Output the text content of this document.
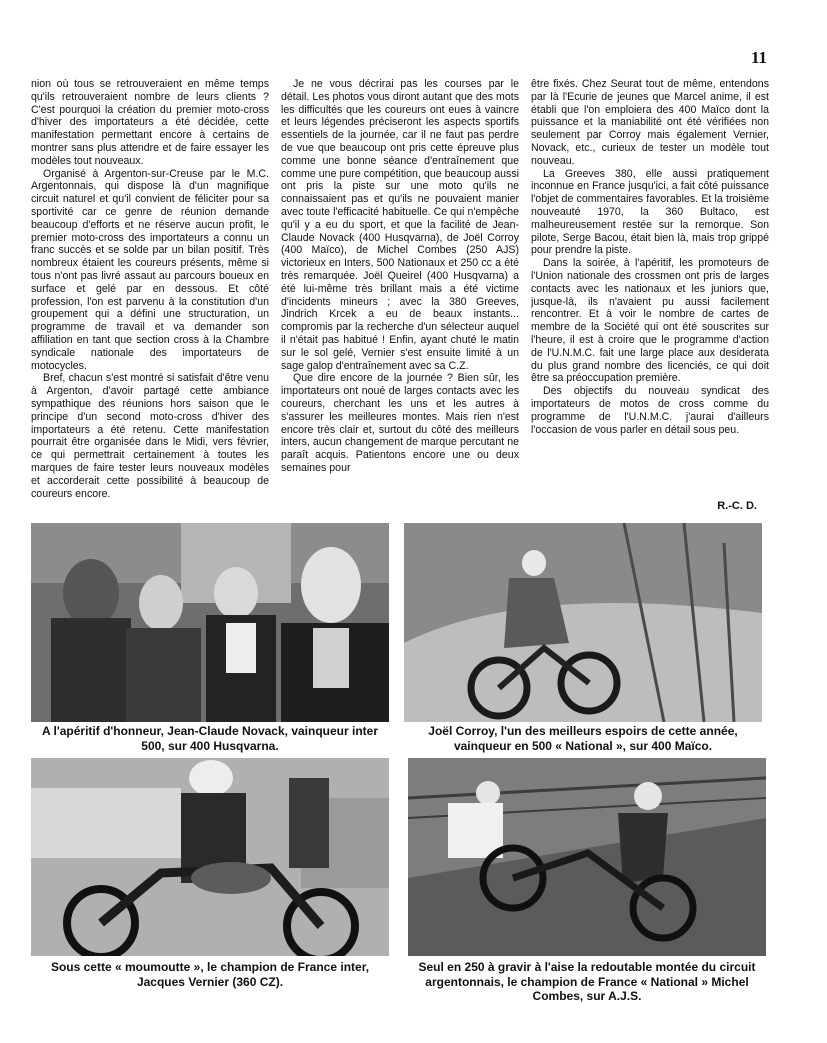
11

nion où tous se retrouveraient en même temps qu'ils retrouveraient nombre de leurs clients ? C'est pourquoi la création du premier moto-cross d'hiver des importateurs a été décidée, cette manifestation permettant encore à certains de montrer sans plus attendre et de faire essayer les modèles tout nouveaux.

Organisé à Argenton-sur-Creuse par le M.C. Argentonnais, qui dispose là d'un magnifique circuit naturel et qu'il convient de féliciter pour sa sportivité car ce genre de réunion demande beaucoup d'efforts et ne réserve aucun profit, le premier moto-cross des importateurs a connu un franc succès et se solde par un bilan positif. Très nombreux étaient les coureurs présents, même si tous n'ont pas livré assaut au parcours boueux en surface et gelé par en dessous. Et côté profession, l'on est parvenu à la constitution d'un groupement qui a défini une structuration, un programme de travail et va demander son affiliation en tant que section cross à la Chambre syndicale nationale des importateurs de motocycles.

Bref, chacun s'est montré si satisfait d'être venu à Argenton, d'avoir partagé cette ambiance sympathique des réunions hors saison que le principe d'un second moto-cross d'hiver des importateurs a été retenu. Cette manifestation pourrait être organisée dans le Midi, vers février, ce qui permettrait certainement à toutes les marques de faire tester leurs nouveaux modèles et accorderait cette possibilité à beaucoup de coureurs encore.

Je ne vous décrirai pas les courses par le détail. Les photos vous diront autant que des mots les difficultés que les coureurs ont eues à vaincre et leurs légendes préciseront les aspects sportifs essentiels de la journée, car il ne faut pas perdre de vue que beaucoup ont pris cette épreuve plus comme une bonne séance d'entraînement que comme une pure compétition, que beaucoup aussi ont pris la piste sur une moto qu'ils ne connaissaient pas et qu'ils ne pouvaient manier avec toute l'efficacité habituelle. Ce qui n'empêche qu'il y a eu du sport, et que la facilité de Jean-Claude Novack (400 Husqvarna), de Joël Corroy (400 Maïco), de Michel Combes (250 AJS) victorieux en Inters, 500 Nationaux et 250 cc a été très remarquée. Joël Queirel (400 Husqvarna) a été lui-même très brillant mais a été victime d'incidents mineurs ; avec la 380 Greeves, Jindrich Krcek a eu de beaux instants... compromis par la recherche d'un sélecteur auquel il n'était pas habitué ! Enfin, ayant chuté le matin sur le sol gelé, Vernier s'est ensuite limité à un sage galop d'entraînement avec sa C.Z.

Que dire encore de la journée ? Bien sûr, les importateurs ont noué de larges contacts avec les coureurs, cherchant les uns et les autres à s'assurer les meilleures montes. Mais rien n'est encore très clair et, surtout du côté des meilleurs inters, aucun changement de marque percutant ne paraît acquis. Patientons encore une ou deux semaines pour

être fixés. Chez Seurat tout de même, entendons par là l'Ecurie de jeunes que Marcel anime, il est établi que l'on emploiera des 400 Maïco dont la puissance et la maniabilité ont été vérifiées non seulement par Corroy mais également Vernier, Novack, etc., curieux de tester un modèle tout nouveau.

La Greeves 380, elle aussi pratiquement inconnue en France jusqu'ici, a fait côté puissance l'objet de commentaires favorables. Et la troisième nouveauté 1970, la 360 Bultaco, est malheureusement restée sur la remorque. Son pilote, Serge Bacou, était bien là, mais trop grippé pour prendre la piste.

Dans la soirée, à l'apéritif, les promoteurs de l'Union nationale des crossmen ont pris de larges contacts avec les nationaux et les juniors que, jusque-là, ils n'avaient pu aussi facilement rencontrer. Et à voir le nombre de cartes de membre de la Société qui ont été souscrites sur l'heure, il est à croire que le programme d'action de l'U.N.M.C. fait une large place aux desiderata du plus grand nombre des licenciés, ce qui doit être sa préoccupation première.

Des objectifs du nouveau syndicat des importateurs de motos de cross comme du programme de l'U.N.M.C. j'aurai d'ailleurs l'occasion de vous parler en détail sous peu.

R.-C. D.
A l'apéritif d'honneur, Jean-Claude Novack, vainqueur inter 500, sur 400 Husqvarna.
Joël Corroy, l'un des meilleurs espoirs de cette année, vainqueur en 500 « National », sur 400 Maïco.
Sous cette « moumoutte », le champion de France inter, Jacques Vernier (360 CZ).
Seul en 250 à gravir à l'aise la redoutable montée du circuit argentonnais, le champion de France « National » Michel Combes, sur A.J.S.
